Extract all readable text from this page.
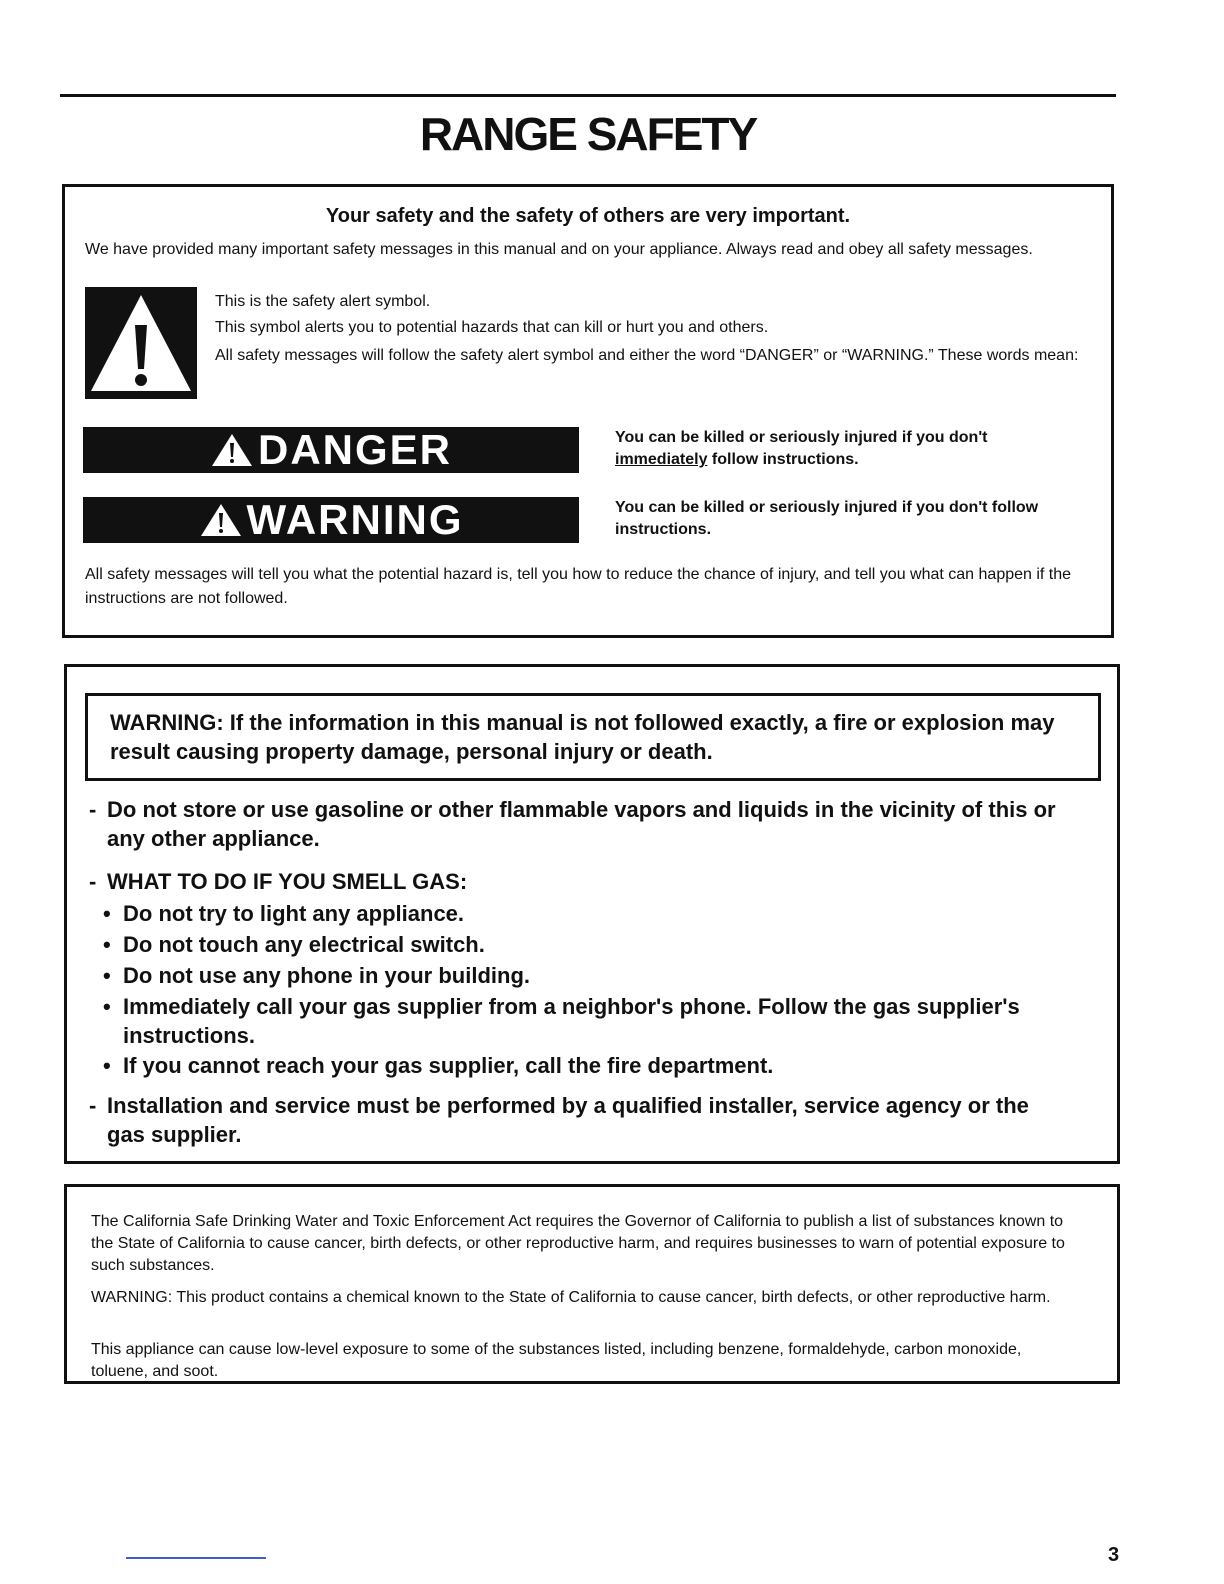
RANGE SAFETY
Your safety and the safety of others are very important.
We have provided many important safety messages in this manual and on your appliance. Always read and obey all safety messages.
This is the safety alert symbol.
This symbol alerts you to potential hazards that can kill or hurt you and others.
All safety messages will follow the safety alert symbol and either the word “DANGER” or “WARNING.” These words mean:
DANGER	You can be killed or seriously injured if you don't
immediately follow instructions.
WARNING	You can be killed or seriously injured if you don't follow instructions.
All safety messages will tell you what the potential hazard is, tell you how to reduce the chance of injury, and tell you what can happen if the instructions are not followed.
WARNING: If the information in this manual is not followed exactly, a fire or explosion may result causing property damage, personal injury or death.
- Do not store or use gasoline or other flammable vapors and liquids in the vicinity of this or any other appliance.
- WHAT TO DO IF YOU SMELL GAS:
• Do not try to light any appliance.
• Do not touch any electrical switch.
• Do not use any phone in your building.
• Immediately call your gas supplier from a neighbor's phone. Follow the gas supplier's instructions.
• If you cannot reach your gas supplier, call the fire department.
- Installation and service must be performed by a qualified installer, service agency or the gas supplier.
The California Safe Drinking Water and Toxic Enforcement Act requires the Governor of California to publish a list of substances known to the State of California to cause cancer, birth defects, or other reproductive harm, and requires businesses to warn of potential exposure to such substances.
WARNING: This product contains a chemical known to the State of California to cause cancer, birth defects, or other reproductive harm.
This appliance can cause low-level exposure to some of the substances listed, including benzene, formaldehyde, carbon monoxide, toluene, and soot.
3
